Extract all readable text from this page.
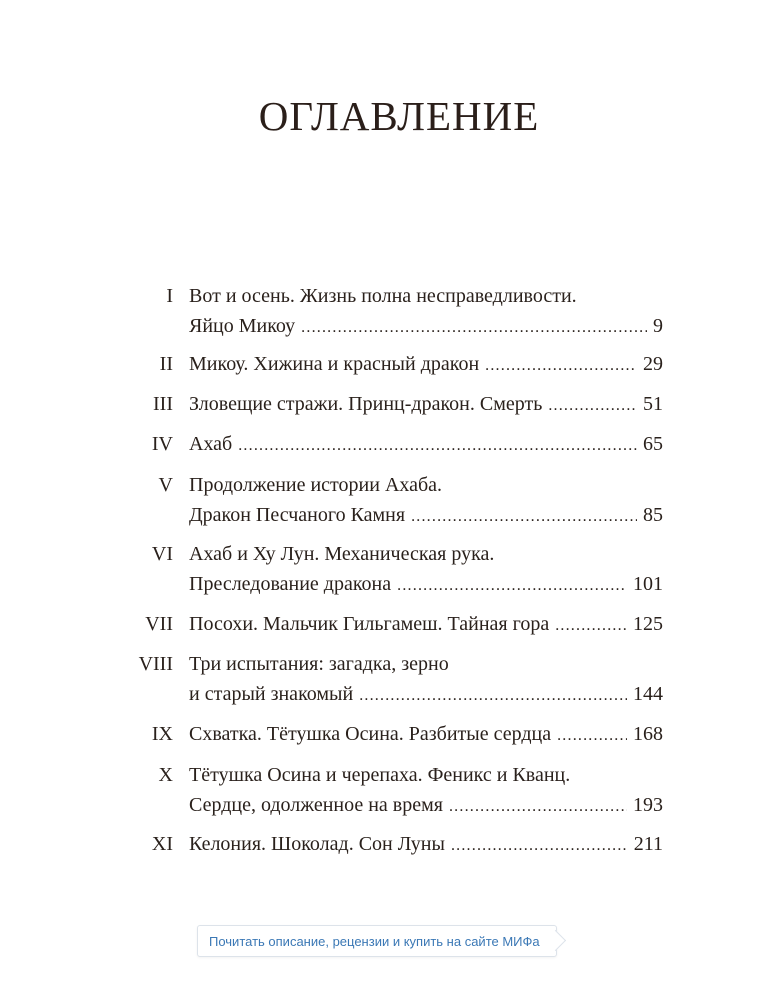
ОГЛАВЛЕНИЕ
I Вот и осень. Жизнь полна несправедливости.
Яйцо Микоу . . .	9
II Микоу. Хижина и красный дракон . . .	29
III Зловещие стражи. Принц-дракон. Смерть . . .	51
IV Ахаб . . .	65
V Продолжение истории Ахаба.
Дракон Песчаного Камня . . .	85
VI Ахаб и Ху Лун. Механическая рука.
Преследование дракона . . .	101
VII Посохи. Мальчик Гильгамеш. Тайная гора . . .	125
VIII Три испытания: загадка, зерно
и старый знакомый . . .	144
IX Схватка. Тётушка Осина. Разбитые сердца . . .	168
X Тётушка Осина и черепаха. Феникс и Кванц.
Сердце, одолженное на время . . .	193
XI Келония. Шоколад. Сон Луны . . .	211
Почитать описание, рецензии и купить на сайте МИФа
